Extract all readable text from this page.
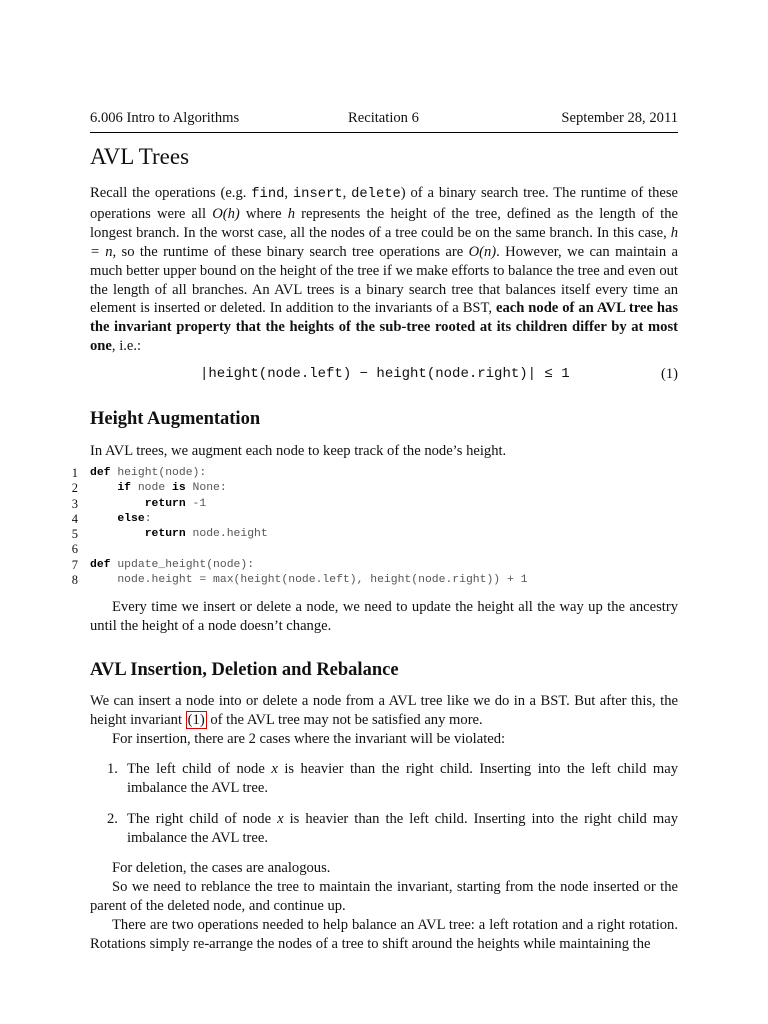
6.006 Intro to Algorithms	Recitation 6	September 28, 2011
AVL Trees

Recall the operations (e.g. find, insert, delete) of a binary search tree. The runtime of these operations were all O(h) where h represents the height of the tree, defined as the length of the longest branch. In the worst case, all the nodes of a tree could be on the same branch. In this case, h = n, so the runtime of these binary search tree operations are O(n). However, we can maintain a much better upper bound on the height of the tree if we make efforts to balance the tree and even out the length of all branches. An AVL trees is a binary search tree that balances itself every time an element is inserted or deleted. In addition to the invariants of a BST, each node of an AVL tree has the invariant property that the heights of the sub-tree rooted at its children differ by at most one, i.e.:

|height(node.left) − height(node.right)| ≤ 1	(1)
Height Augmentation

In AVL trees, we augment each node to keep track of the node’s height.

1 def height(node):
2	if node is None:
3	return -1
4	else:
5	return node.height
6
7 def update_height(node):
8	node.height = max(height(node.left), height(node.right)) + 1

Every time we insert or delete a node, we need to update the height all the way up the ancestry until the height of a node doesn’t change.

AVL Insertion, Deletion and Rebalance

We can insert a node into or delete a node from a AVL tree like we do in a BST. But after this, the height invariant (1) of the AVL tree may not be satisfied any more.

For insertion, there are 2 cases where the invariant will be violated:

1. The left child of node x is heavier than the right child. Inserting into the left child may imbalance the AVL tree.
2. The right child of node x is heavier than the left child. Inserting into the right child may imbalance the AVL tree.

For deletion, the cases are analogous.

So we need to reblance the tree to maintain the invariant, starting from the node inserted or the parent of the deleted node, and continue up.

There are two operations needed to help balance an AVL tree: a left rotation and a right rotation. Rotations simply re-arrange the nodes of a tree to shift around the heights while maintaining the
